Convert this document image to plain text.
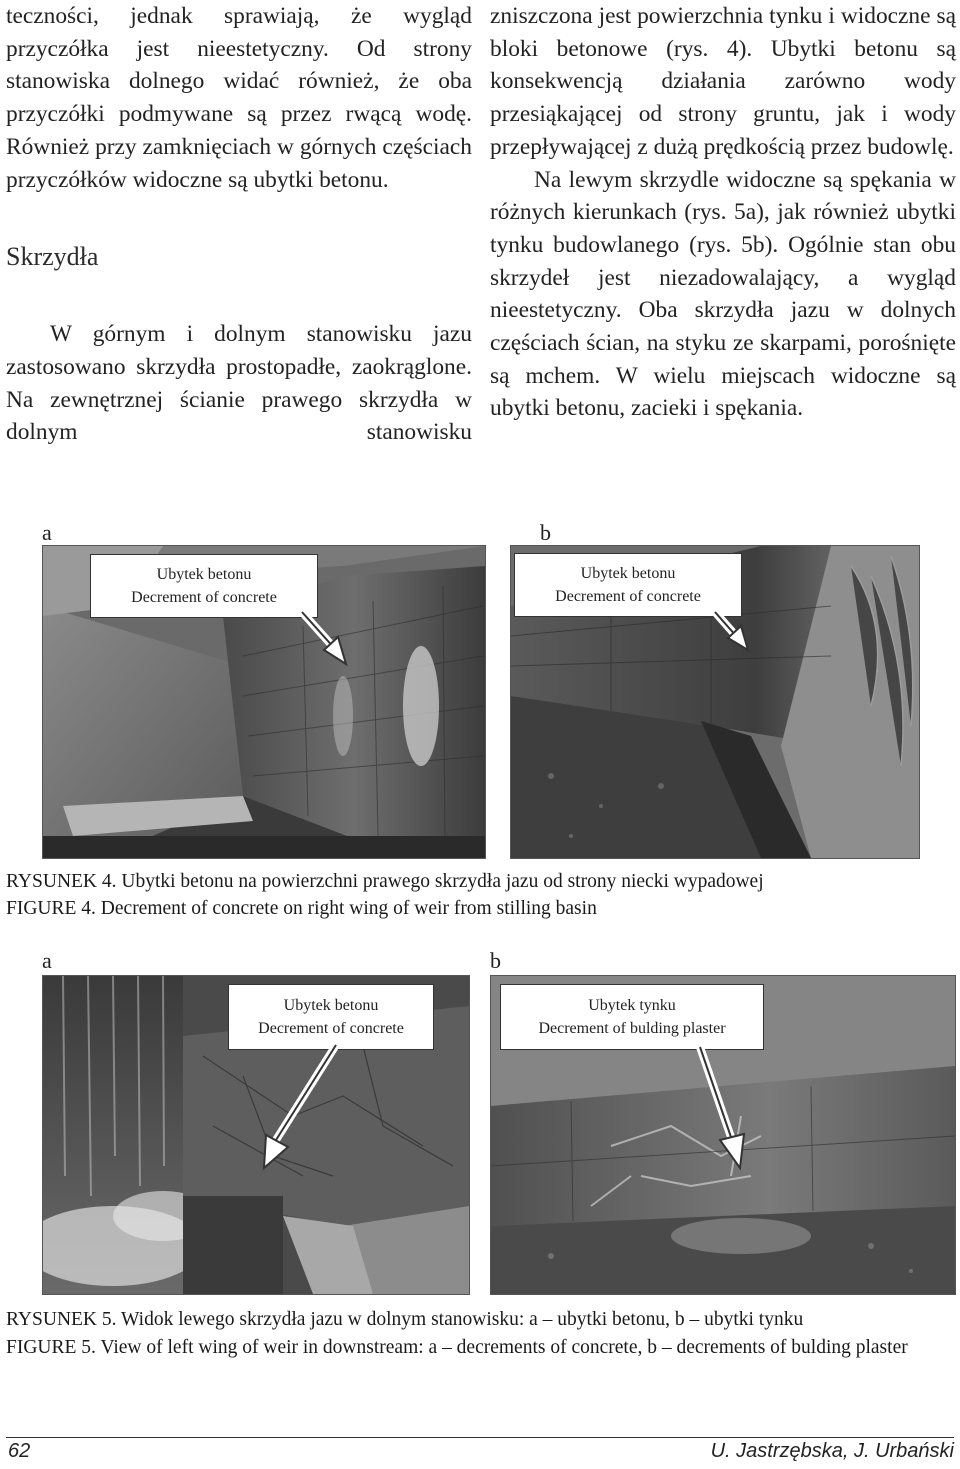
teczności, jednak sprawiają, że wygląd przyczółka jest nieestetyczny. Od strony stanowiska dolnego widać również, że oba przyczółki podmywane są przez rwącą wodę. Również przy zamknięciach w górnych częściach przyczółków widoczne są ubytki betonu.

Skrzydła

W górnym i dolnym stanowisku jazu zastosowano skrzydła prostopadłe, zaokrąglone. Na zewnętrznej ścianie prawego skrzydła w dolnym stanowisku

zniszczona jest powierzchnia tynku i widoczne są bloki betonowe (rys. 4). Ubytki betonu są konsekwencją działania zarówno wody przesiąkającej od strony gruntu, jak i wody przepływającej z dużą prędkością przez budowlę.

Na lewym skrzydle widoczne są spękania w różnych kierunkach (rys. 5a), jak również ubytki tynku budowlanego (rys. 5b). Ogólnie stan obu skrzydeł jest niezadowalający, a wygląd nieestetyczny. Oba skrzydła jazu w dolnych częściach ścian, na styku ze skarpami, porośnięte są mchem. W wielu miejscach widoczne są ubytki betonu, zacieki i spękania.

a	b
Ubytek betonu
Decrement of concrete
Ubytek betonu
Decrement of concrete

RYSUNEK 4. Ubytki betonu na powierzchni prawego skrzydła jazu od strony niecki wypadowej

FIGURE 4. Decrement of concrete on right wing of weir from stilling basin

a	b
Ubytek betonu
Decrement of concrete
Ubytek tynku
Decrement of bulding plaster

RYSUNEK 5. Widok lewego skrzydła jazu w dolnym stanowisku: a – ubytki betonu, b – ubytki tynku

FIGURE 5. View of left wing of weir in downstream: a – decrements of concrete, b – decrements of bulding plaster

62	U. Jastrzębska, J. Urbański
